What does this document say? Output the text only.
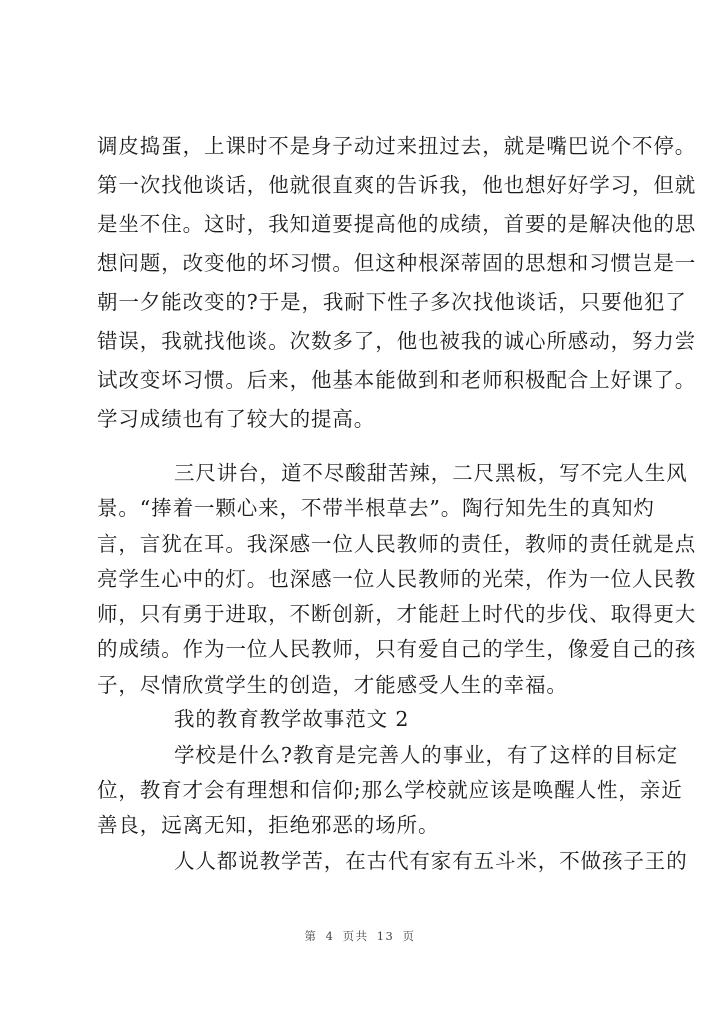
调皮捣蛋，上课时不是身子动过来扭过去，就是嘴巴说个不停。
第一次找他谈话，他就很直爽的告诉我，他也想好好学习，但就
是坐不住。这时，我知道要提高他的成绩，首要的是解决他的思
想问题，改变他的坏习惯。但这种根深蒂固的思想和习惯岂是一
朝一夕能改变的?于是，我耐下性子多次找他谈话，只要他犯了
错误，我就找他谈。次数多了，他也被我的诚心所感动，努力尝
试改变坏习惯。后来，他基本能做到和老师积极配合上好课了。
学习成绩也有了较大的提高。
三尺讲台，道不尽酸甜苦辣，二尺黑板，写不完人生风
景。“捧着一颗心来，不带半根草去”。陶行知先生的真知灼
言，言犹在耳。我深感一位人民教师的责任，教师的责任就是点
亮学生心中的灯。也深感一位人民教师的光荣，作为一位人民教
师，只有勇于进取，不断创新，才能赶上时代的步伐、取得更大
的成绩。作为一位人民教师，只有爱自己的学生，像爱自己的孩
子，尽情欣赏学生的创造，才能感受人生的幸福。
我的教育教学故事范文 2
学校是什么?教育是完善人的事业，有了这样的目标定
位，教育才会有理想和信仰;那么学校就应该是唤醒人性，亲近
善良，远离无知，拒绝邪恶的场所。
人人都说教学苦，在古代有家有五斗米，不做孩子王的
第 4 页共 13 页
